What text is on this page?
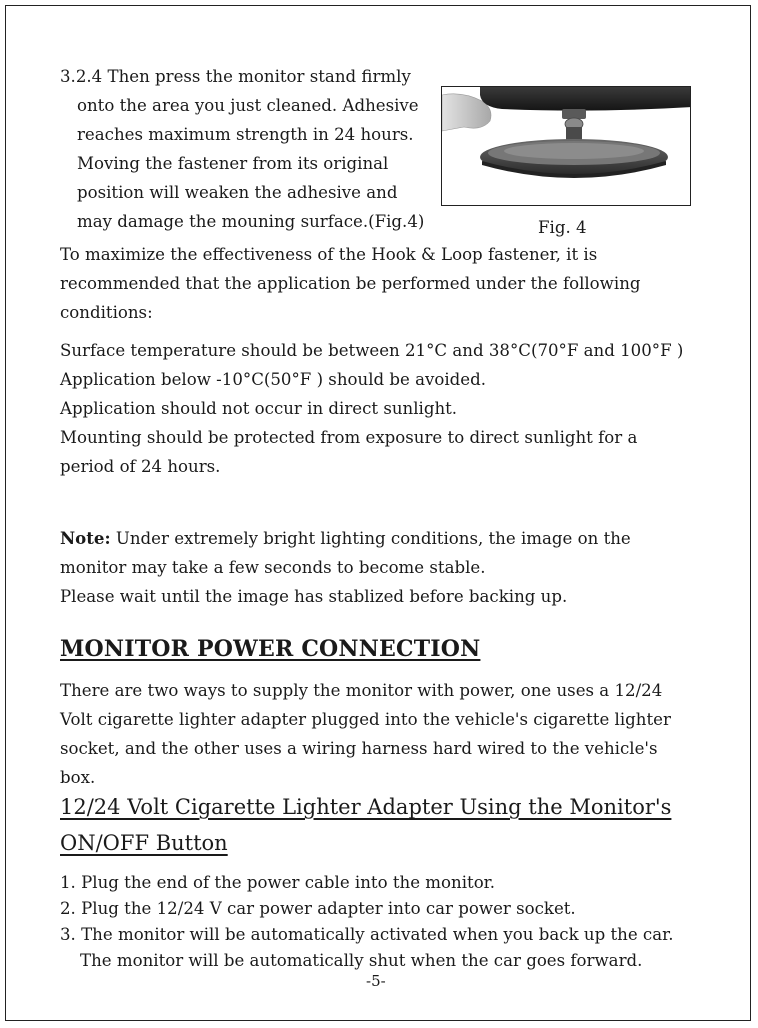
3.2.4 Then press the monitor stand firmly
onto the area you just cleaned. Adhesive
reaches maximum strength in 24 hours.
Moving the fastener from its original
position will weaken the adhesive and
may damage the mouning surface.(Fig.4)	Fig. 4
To maximize the effectiveness of the Hook & Loop fastener, it is
recommended that the application be performed under the following
conditions:
Surface temperature should be between 21°C and 38°C(70°F and 100°F )
Application below -10°C(50°F ) should be avoided.
Application should not occur in direct sunlight.
Mounting should be protected from exposure to direct sunlight for a
period of 24 hours.
Note: Under extremely bright lighting conditions, the image on the
monitor may take a few seconds to become stable.
Please wait until the image has stablized before backing up.
MONITOR POWER CONNECTION
There are two ways to supply the monitor with power, one uses a 12/24
Volt cigarette lighter adapter plugged into the vehicle's cigarette lighter
socket, and the other uses a wiring harness hard wired to the vehicle's
box.
12/24 Volt Cigarette Lighter Adapter Using the Monitor's
ON/OFF Button
1. Plug the end of the power cable into the monitor.
2. Plug the 12/24 V car power adapter into car power socket.
3. The monitor will be automatically activated when you back up the car.
The monitor will be automatically shut when the car goes forward.
-5-
